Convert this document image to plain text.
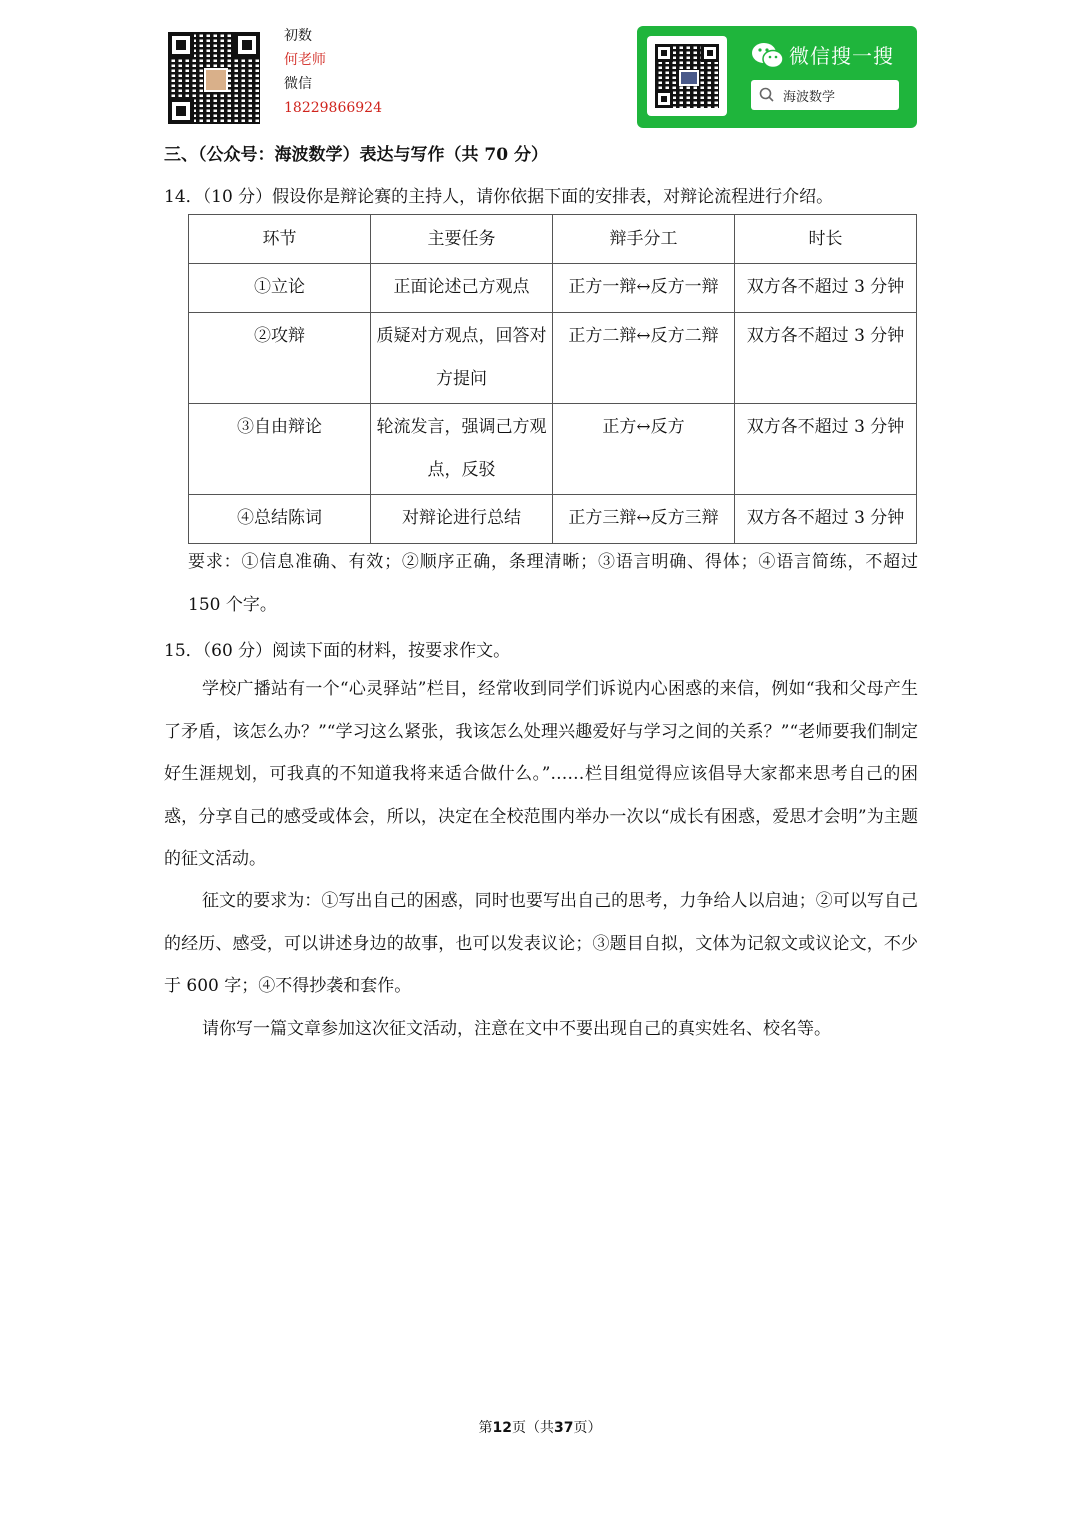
初数
何老师
微信
18229866924
微信搜一搜
海波数学
三、（公众号：海波数学）表达与写作（共 70 分）
14．（10 分）假设你是辩论赛的主持人，请你依据下面的安排表，对辩论流程进行介绍。
环节	主要任务	辩手分工	时长
①立论	正面论述己方观点	正方一辩↔反方一辩	双方各不超过 3 分钟
②攻辩	质疑对方观点，回答对方提问	正方二辩↔反方二辩	双方各不超过 3 分钟
③自由辩论	轮流发言，强调己方观点，反驳	正方↔反方	双方各不超过 3 分钟
④总结陈词	对辩论进行总结	正方三辩↔反方三辩	双方各不超过 3 分钟
要求：①信息准确、有效；②顺序正确，条理清晰；③语言明确、得体；④语言简练，不超过 150 个字。
15．（60 分）阅读下面的材料，按要求作文。
学校广播站有一个“心灵驿站”栏目，经常收到同学们诉说内心困惑的来信，例如“我和父母产生了矛盾，该怎么办？”“学习这么紧张，我该怎么处理兴趣爱好与学习之间的关系？”“老师要我们制定好生涯规划，可我真的不知道我将来适合做什么。”……栏目组觉得应该倡导大家都来思考自己的困惑，分享自己的感受或体会，所以，决定在全校范围内举办一次以“成长有困惑，爱思才会明”为主题的征文活动。
征文的要求为：①写出自己的困惑，同时也要写出自己的思考，力争给人以启迪；②可以写自己的经历、感受，可以讲述身边的故事，也可以发表议论；③题目自拟，文体为记叙文或议论文，不少于 600 字；④不得抄袭和套作。
请你写一篇文章参加这次征文活动，注意在文中不要出现自己的真实姓名、校名等。
第12页（共37页）
